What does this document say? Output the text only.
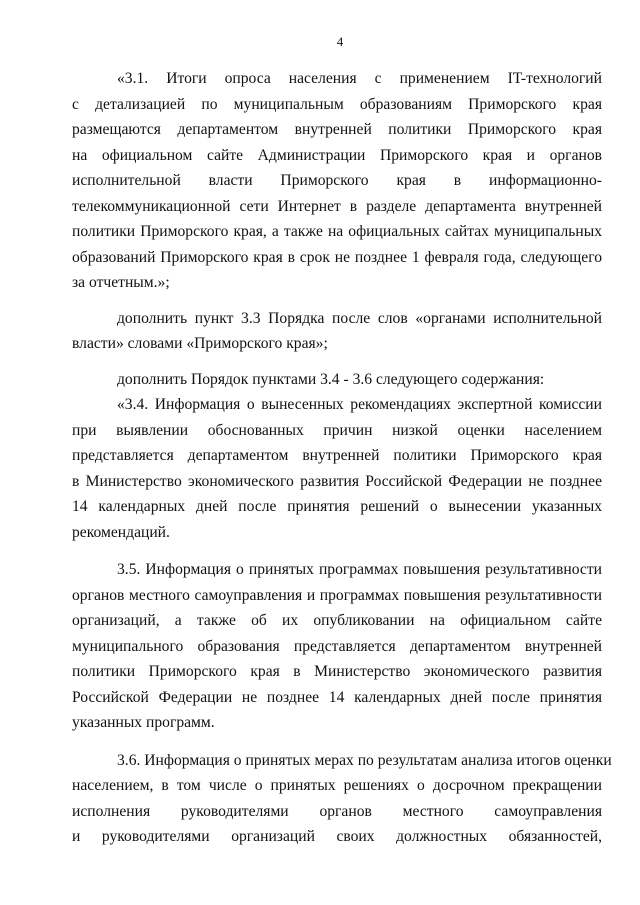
4
«3.1. Итоги опроса населения с применением IT-технологий
с детализацией по муниципальным образованиям Приморского края
размещаются департаментом внутренней политики Приморского края
на официальном сайте Администрации Приморского края и органов
исполнительной власти Приморского края в информационно-
телекоммуникационной сети Интернет в разделе департамента внутренней
политики Приморского края, а также на официальных сайтах муниципальных
образований Приморского края в срок не позднее 1 февраля года, следующего
за отчетным.»;
дополнить пункт 3.3 Порядка после слов «органами исполнительной
власти» словами «Приморского края»;
дополнить Порядок пунктами 3.4 - 3.6 следующего содержания:
«3.4. Информация о вынесенных рекомендациях экспертной комиссии
при выявлении обоснованных причин низкой оценки населением
представляется департаментом внутренней политики Приморского края
в Министерство экономического развития Российской Федерации не позднее
14 календарных дней после принятия решений о вынесении указанных
рекомендаций.
3.5. Информация о принятых программах повышения результативности
органов местного самоуправления и программах повышения результативности
организаций, а также об их опубликовании на официальном сайте
муниципального образования представляется департаментом внутренней
политики Приморского края в Министерство экономического развития
Российской Федерации не позднее 14 календарных дней после принятия
указанных программ.
3.6. Информация о принятых мерах по результатам анализа итогов оценки
населением, в том числе о принятых решениях о досрочном прекращении
исполнения руководителями органов местного самоуправления
и руководителями организаций своих должностных обязанностей,
